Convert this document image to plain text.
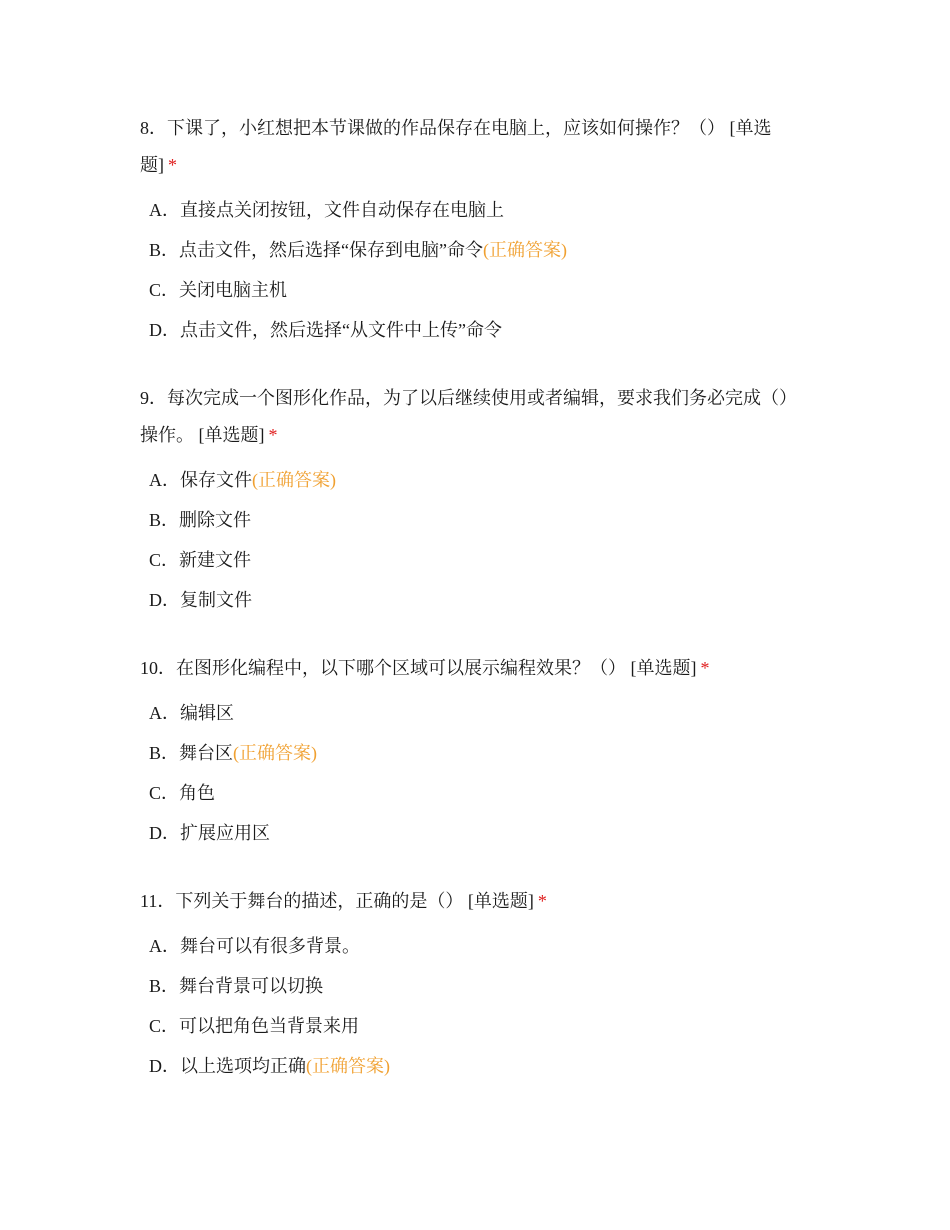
8．下课了，小红想把本节课做的作品保存在电脑上，应该如何操作？（） [单选题] *
A．直接点关闭按钮，文件自动保存在电脑上
B．点击文件，然后选择“保存到电脑”命令(正确答案)
C．关闭电脑主机
D．点击文件，然后选择“从文件中上传”命令
9．每次完成一个图形化作品，为了以后继续使用或者编辑，要求我们务必完成（）操作。 [单选题] *
A．保存文件(正确答案)
B．删除文件
C．新建文件
D．复制文件
10．在图形化编程中，以下哪个区域可以展示编程效果？（） [单选题] *
A．编辑区
B．舞台区(正确答案)
C．角色
D．扩展应用区
11．下列关于舞台的描述，正确的是（） [单选题] *
A．舞台可以有很多背景。
B．舞台背景可以切换
C．可以把角色当背景来用
D．以上选项均正确(正确答案)
